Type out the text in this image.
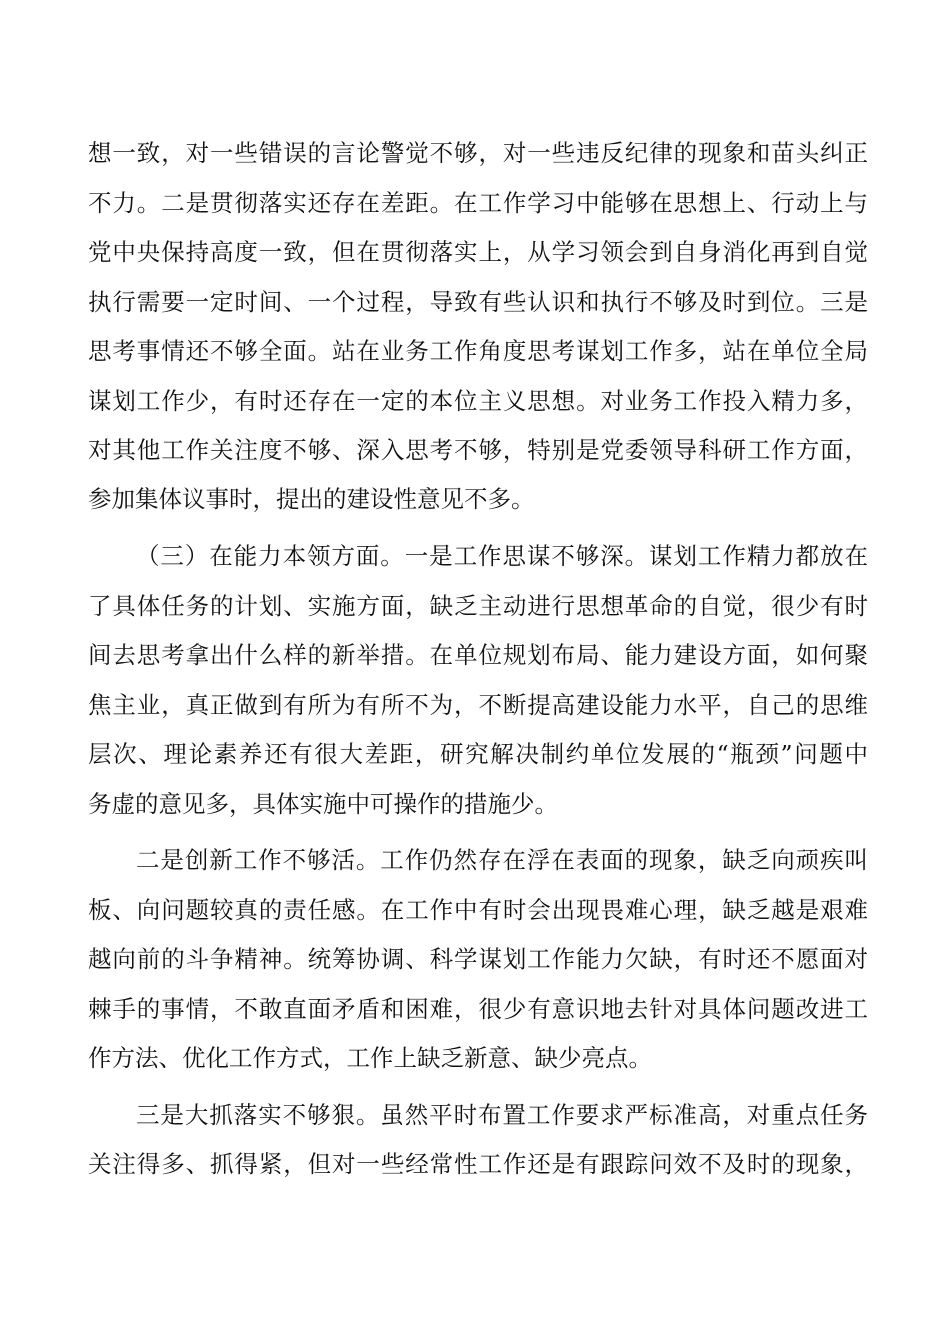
想一致，对一些错误的言论警觉不够，对一些违反纪律的现象和苗头纠正

不力。二是贯彻落实还存在差距。在工作学习中能够在思想上、行动上与

党中央保持高度一致，但在贯彻落实上，从学习领会到自身消化再到自觉

执行需要一定时间、一个过程，导致有些认识和执行不够及时到位。三是

思考事情还不够全面。站在业务工作角度思考谋划工作多，站在单位全局

谋划工作少，有时还存在一定的本位主义思想。对业务工作投入精力多，

对其他工作关注度不够、深入思考不够，特别是党委领导科研工作方面，

参加集体议事时，提出的建设性意见不多。

（三）在能力本领方面。一是工作思谋不够深。谋划工作精力都放在

了具体任务的计划、实施方面，缺乏主动进行思想革命的自觉，很少有时

间去思考拿出什么样的新举措。在单位规划布局、能力建设方面，如何聚

焦主业，真正做到有所为有所不为，不断提高建设能力水平，自己的思维

层次、理论素养还有很大差距，研究解决制约单位发展的“瓶颈”问题中

务虚的意见多，具体实施中可操作的措施少。

二是创新工作不够活。工作仍然存在浮在表面的现象，缺乏向顽疾叫

板、向问题较真的责任感。在工作中有时会出现畏难心理，缺乏越是艰难

越向前的斗争精神。统筹协调、科学谋划工作能力欠缺，有时还不愿面对

棘手的事情，不敢直面矛盾和困难，很少有意识地去针对具体问题改进工

作方法、优化工作方式，工作上缺乏新意、缺少亮点。

三是大抓落实不够狠。虽然平时布置工作要求严标准高，对重点任务

关注得多、抓得紧，但对一些经常性工作还是有跟踪问效不及时的现象，
